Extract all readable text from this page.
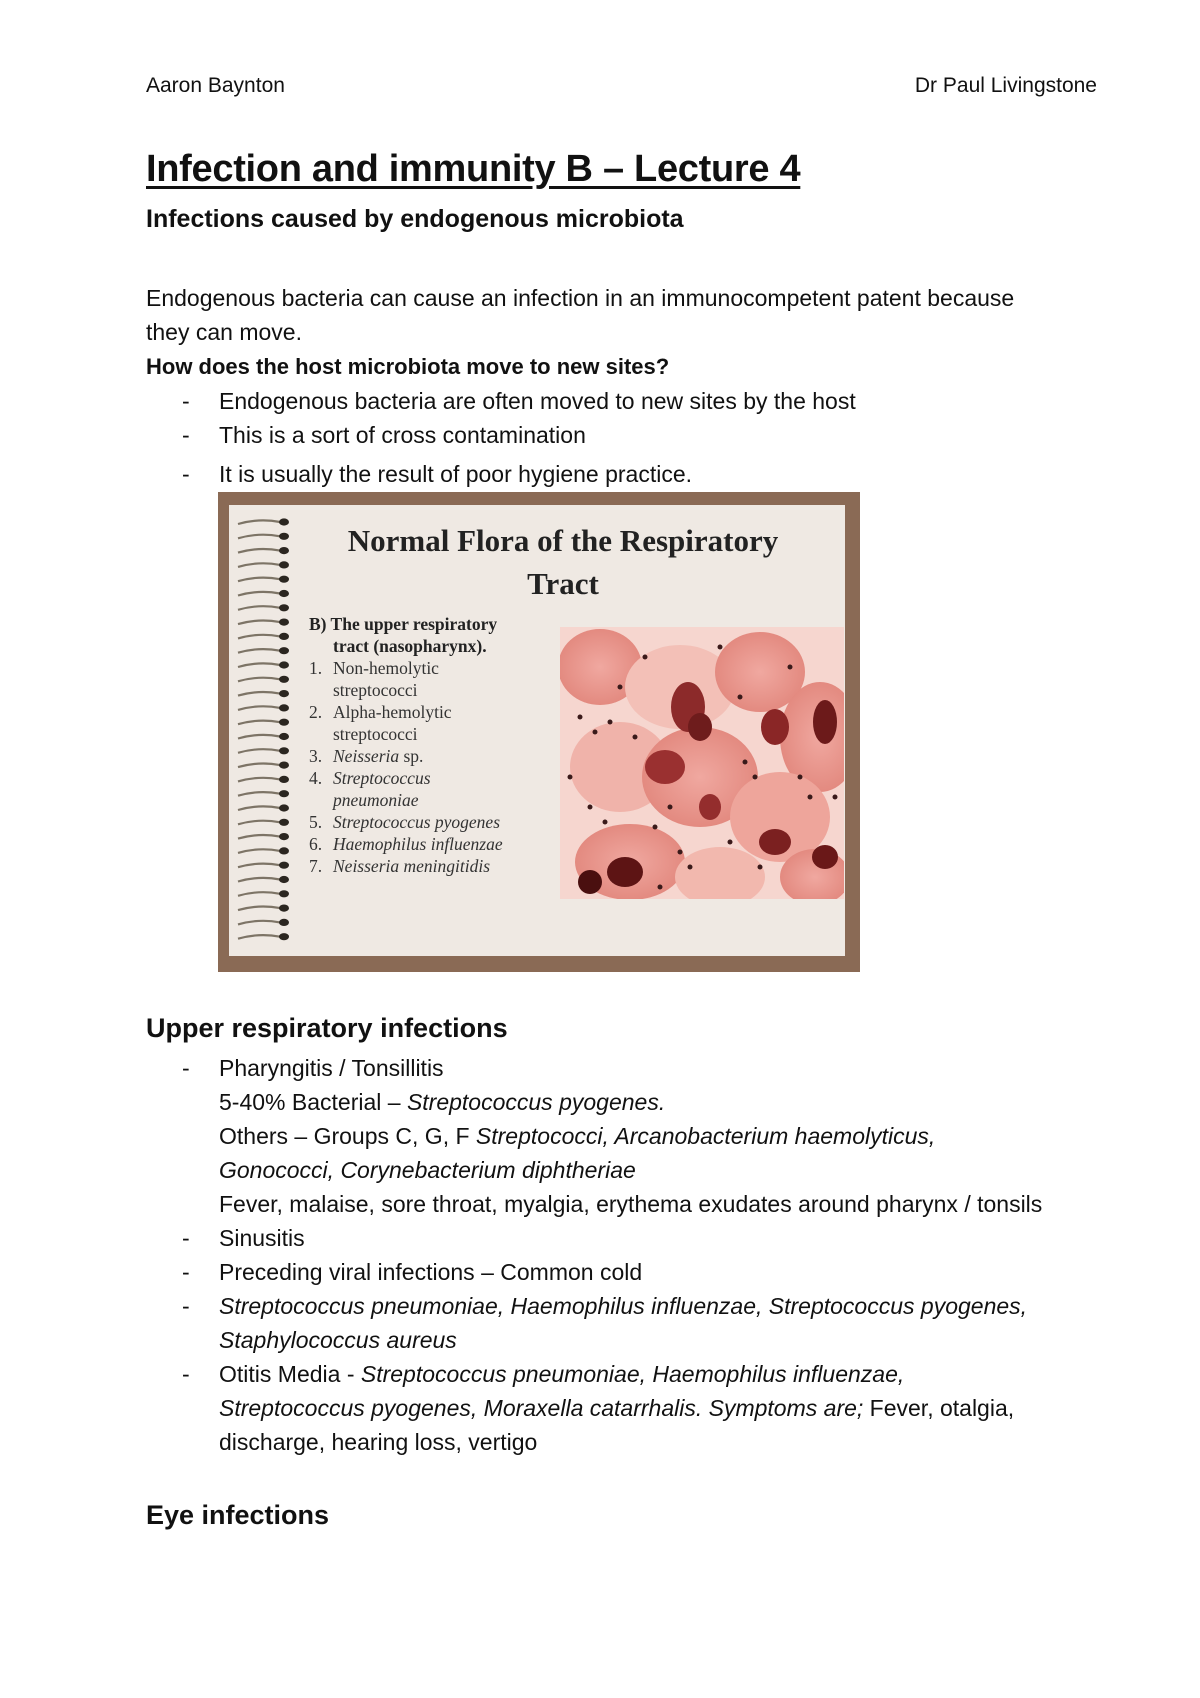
Aaron Baynton	Dr Paul Livingstone
Infection and immunity B – Lecture 4
Infections caused by endogenous microbiota
Endogenous bacteria can cause an infection in an immunocompetent patent because they can move.
How does the host microbiota move to new sites?
- Endogenous bacteria are often moved to new sites by the host
- This is a sort of cross contamination
- It is usually the result of poor hygiene practice.
Normal Flora of the Respiratory
Tract
B) The upper respiratory
tract (nasopharynx).
1. Non-hemolytic
streptococci
2. Alpha-hemolytic
streptococci
3. Neisseria sp.
4. Streptococcus
pneumoniae
5. Streptococcus pyogenes
6. Haemophilus influenzae
7. Neisseria meningitidis
Upper respiratory infections
- Pharyngitis / Tonsillitis
5-40% Bacterial – Streptococcus pyogenes.
Others – Groups C, G, F Streptococci, Arcanobacterium haemolyticus, Gonococci, Corynebacterium diphtheriae
Fever, malaise, sore throat, myalgia, erythema exudates around pharynx / tonsils
- Sinusitis
- Preceding viral infections – Common cold
- Streptococcus pneumoniae, Haemophilus influenzae, Streptococcus pyogenes, Staphylococcus aureus
- Otitis Media - Streptococcus pneumoniae, Haemophilus influenzae, Streptococcus pyogenes, Moraxella catarrhalis. Symptoms are; Fever, otalgia, discharge, hearing loss, vertigo
Eye infections
